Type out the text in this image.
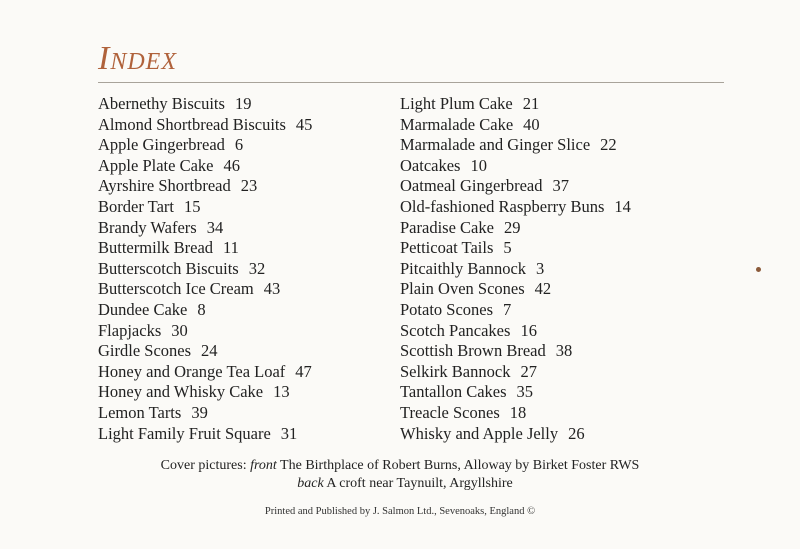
Index
Abernethy Biscuits 19
Almond Shortbread Biscuits 45
Apple Gingerbread 6
Apple Plate Cake 46
Ayrshire Shortbread 23
Border Tart 15
Brandy Wafers 34
Buttermilk Bread 11
Butterscotch Biscuits 32
Butterscotch Ice Cream 43
Dundee Cake 8
Flapjacks 30
Girdle Scones 24
Honey and Orange Tea Loaf 47
Honey and Whisky Cake 13
Lemon Tarts 39
Light Family Fruit Square 31
Light Plum Cake 21
Marmalade Cake 40
Marmalade and Ginger Slice 22
Oatcakes 10
Oatmeal Gingerbread 37
Old-fashioned Raspberry Buns 14
Paradise Cake 29
Petticoat Tails 5
Pitcaithly Bannock 3
Plain Oven Scones 42
Potato Scones 7
Scotch Pancakes 16
Scottish Brown Bread 38
Selkirk Bannock 27
Tantallon Cakes 35
Treacle Scones 18
Whisky and Apple Jelly 26
Cover pictures: front The Birthplace of Robert Burns, Alloway by Birket Foster RWS
back A croft near Taynuilt, Argyllshire
Printed and Published by J. Salmon Ltd., Sevenoaks, England ©
